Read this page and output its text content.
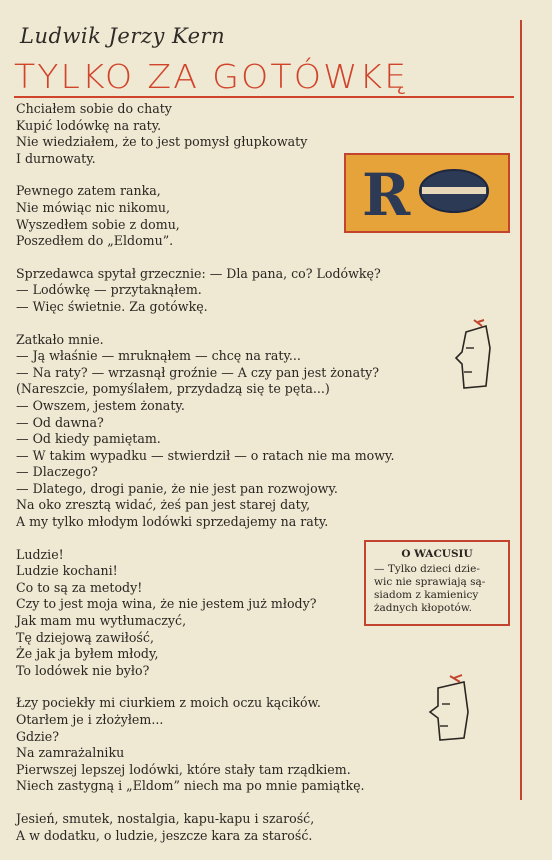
Ludwik Jerzy Kern
TYLKO ZA GOTÓWKĘ
Chciałem sobie do chaty
Kupić lodówkę na raty.
Nie wiedziałem, że to jest pomysł głupkowaty
I durnowaty.
Pewnego zatem ranka,
Nie mówiąc nic nikomu,
Wyszedłem sobie z domu,
Poszedłem do „Eldomu”.
Sprzedawca spytał grzecznie: — Dla pana, co? Lodówkę?
— Lodówkę — przytaknąłem.
— Więc świetnie. Za gotówkę.
Zatkało mnie.
— Ją właśnie — mruknąłem — chcę na raty...
— Na raty? — wrzasnął groźnie — A czy pan jest żonaty?
(Nareszcie, pomyślałem, przydadzą się te pęta...)
— Owszem, jestem żonaty.
— Od dawna?
— Od kiedy pamiętam.
— W takim wypadku — stwierdził — o ratach nie ma mowy.
— Dlaczego?
— Dlatego, drogi panie, że nie jest pan rozwojowy.
Na oko zresztą widać, żeś pan jest starej daty,
A my tylko młodym lodówki sprzedajemy na raty.
Ludzie!
Ludzie kochani!
Co to są za metody!
Czy to jest moja wina, że nie jestem już młody?
Jak mam mu wytłumaczyć,
Tę dziejową zawiłość,
Że jak ja byłem młody,
To lodówek nie było?
Łzy pociekły mi ciurkiem z moich oczu kącików.
Otarłem je i złożyłem...
Gdzie?
Na zamrażalniku
Pierwszej lepszej lodówki, które stały tam rządkiem.
Niech zastygną i „Eldom” niech ma po mnie pamiątkę.
Jesień, smutek, nostalgia, kapu-kapu i szarość,
A w dodatku, o ludzie, jeszcze kara za starość.
R
O WACUSIU
— Tylko dzieci dzie-
wic nie sprawiają są-
siadom z kamienicy
żadnych kłopotów.
